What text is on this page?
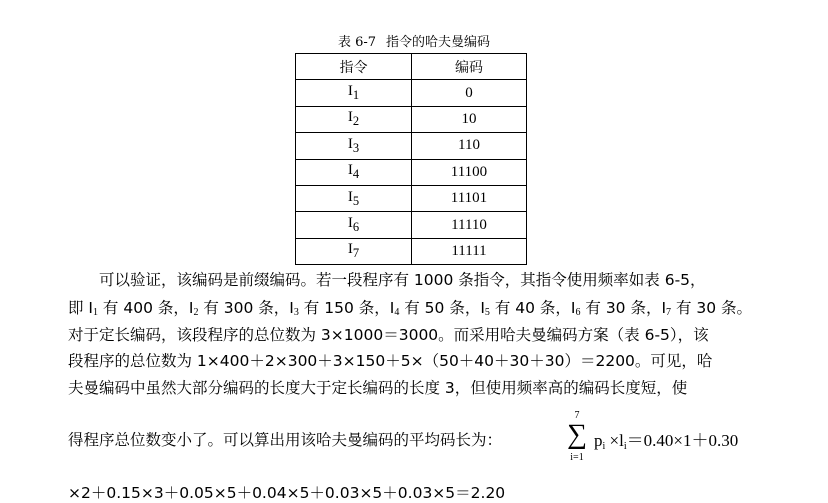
表 6-7 指令的哈夫曼编码
指令	编码
$I_1$	0
$I_2$	10
$I_3$	110
$I_4$	11100
$I_5$	11101
$I_6$	11110
$I_7$	11111
　　可以验证，该编码是前缀编码。若一段程序有 1000 条指令，其指令使用频率如表 6-5，
即 $I_1$ 有 400 条，$I_2$ 有 300 条，$I_3$ 有 150 条，$I_4$ 有 50 条，$I_5$ 有 40 条，$I_6$ 有 30 条，$I_7$ 有 30 条。
对于定长编码，该段程序的总位数为 3×1000＝3000。而采用哈夫曼编码方案（表 6-5），该
段程序的总位数为 1×400＋2×300＋3×150＋5×（50＋40＋30＋30）＝2200。可见，哈
夫曼编码中虽然大部分编码的长度大于定长编码的长度 3，但使用频率高的编码长度短，使
得程序总位数变小了。可以算出用该哈夫曼编码的平均码长为：
7
∑
i=1
$p_i \times l_i=0.40\times 1+0.30$
×2＋0.15×3＋0.05×5＋0.04×5＋0.03×5＋0.03×5＝2.20
